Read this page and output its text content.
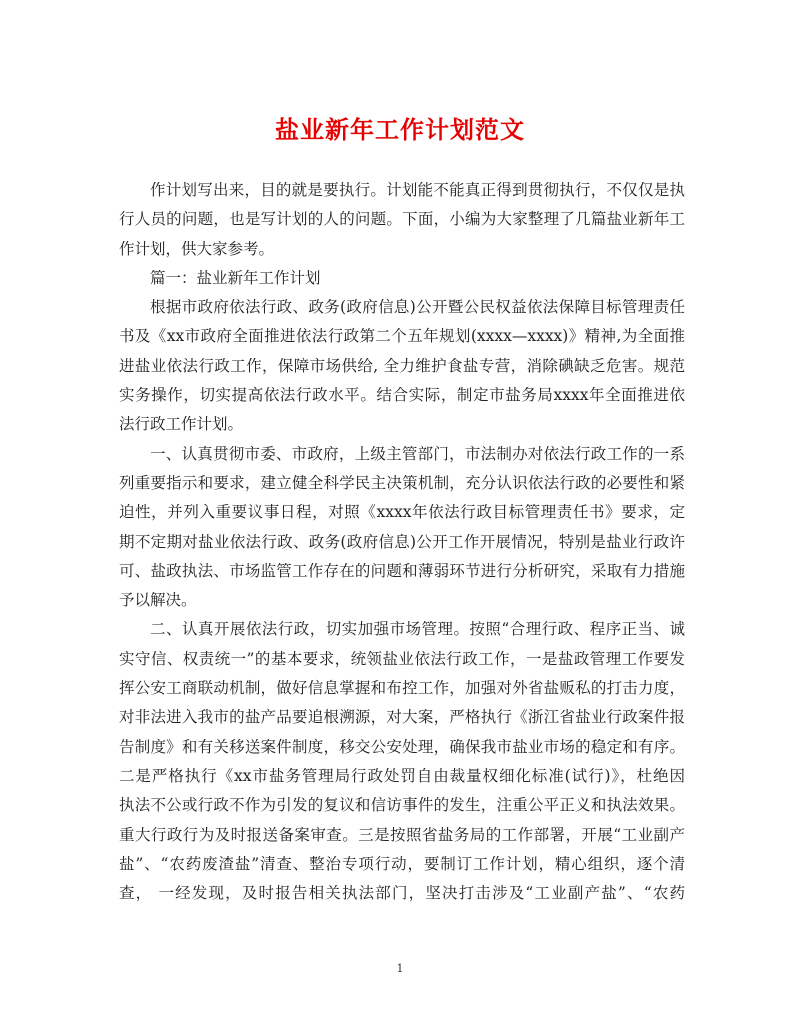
盐业新年工作计划范文
作计划写出来，目的就是要执行。计划能不能真正得到贯彻执行，不仅仅是执
行人员的问题，也是写计划的人的问题。下面，小编为大家整理了几篇盐业新年工
作计划，供大家参考。
篇一：盐业新年工作计划
根据市政府依法行政、政务(政府信息)公开暨公民权益依法保障目标管理责任
书及《xx市政府全面推进依法行政第二个五年规划(xxxx—xxxx)》精神,为全面推
进盐业依法行政工作，保障市场供给, 全力维护食盐专营，消除碘缺乏危害。规范
实务操作，切实提高依法行政水平。结合实际，制定市盐务局xxxx年全面推进依
法行政工作计划。
一、认真贯彻市委、市政府，上级主管部门，市法制办对依法行政工作的一系
列重要指示和要求，建立健全科学民主决策机制，充分认识依法行政的必要性和紧
迫性，并列入重要议事日程，对照《xxxx年依法行政目标管理责任书》要求，定
期不定期对盐业依法行政、政务(政府信息)公开工作开展情况，特别是盐业行政许
可、盐政执法、市场监管工作存在的问题和薄弱环节进行分析研究，采取有力措施
予以解决。
二、认真开展依法行政，切实加强市场管理。按照“合理行政、程序正当、诚
实守信、权责统一”的基本要求，统领盐业依法行政工作，一是盐政管理工作要发
挥公安工商联动机制，做好信息掌握和布控工作，加强对外省盐贩私的打击力度，
对非法进入我市的盐产品要追根溯源，对大案，严格执行《浙江省盐业行政案件报
告制度》和有关移送案件制度，移交公安处理，确保我市盐业市场的稳定和有序。
二是严格执行《xx市盐务管理局行政处罚自由裁量权细化标准(试行)》，杜绝因
执法不公或行政不作为引发的复议和信访事件的发生，注重公平正义和执法效果。
重大行政行为及时报送备案审查。三是按照省盐务局的工作部署，开展“工业副产
盐”、“农药废渣盐”清查、整治专项行动，要制订工作计划，精心组织，逐个清
查， 一经发现，及时报告相关执法部门，坚决打击涉及“工业副产盐”、“农药
1
